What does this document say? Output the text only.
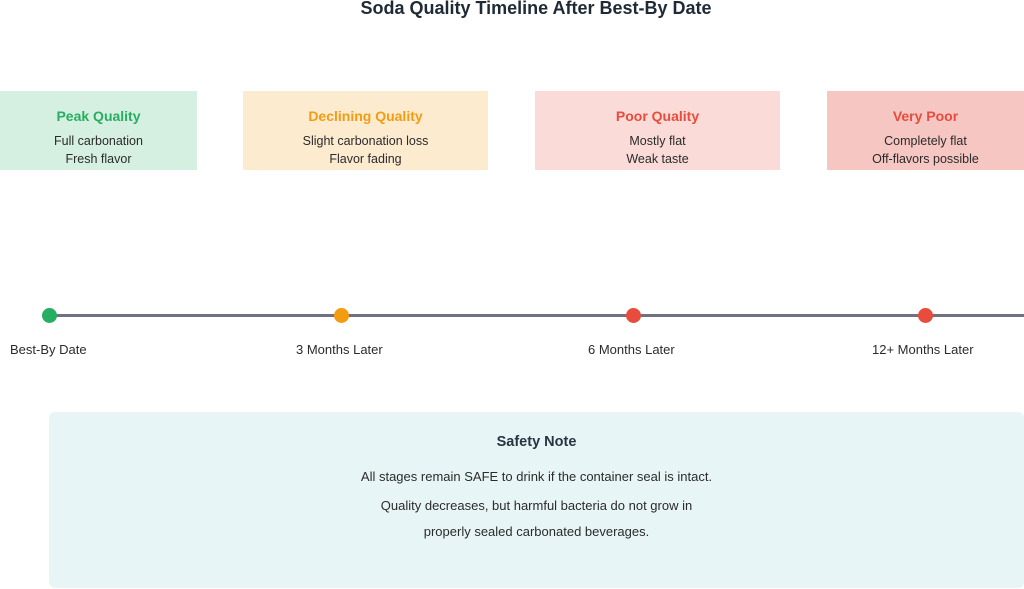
Soda Quality Timeline After Best-By Date
Peak Quality
Full carbonation
Fresh flavor
Declining Quality
Slight carbonation loss
Flavor fading
Poor Quality
Mostly flat
Weak taste
Very Poor
Completely flat
Off-flavors possible
Best-By Date	3 Months Later	6 Months Later	12+ Months Later
Safety Note
All stages remain SAFE to drink if the container seal is intact.
Quality decreases, but harmful bacteria do not grow in
properly sealed carbonated beverages.
